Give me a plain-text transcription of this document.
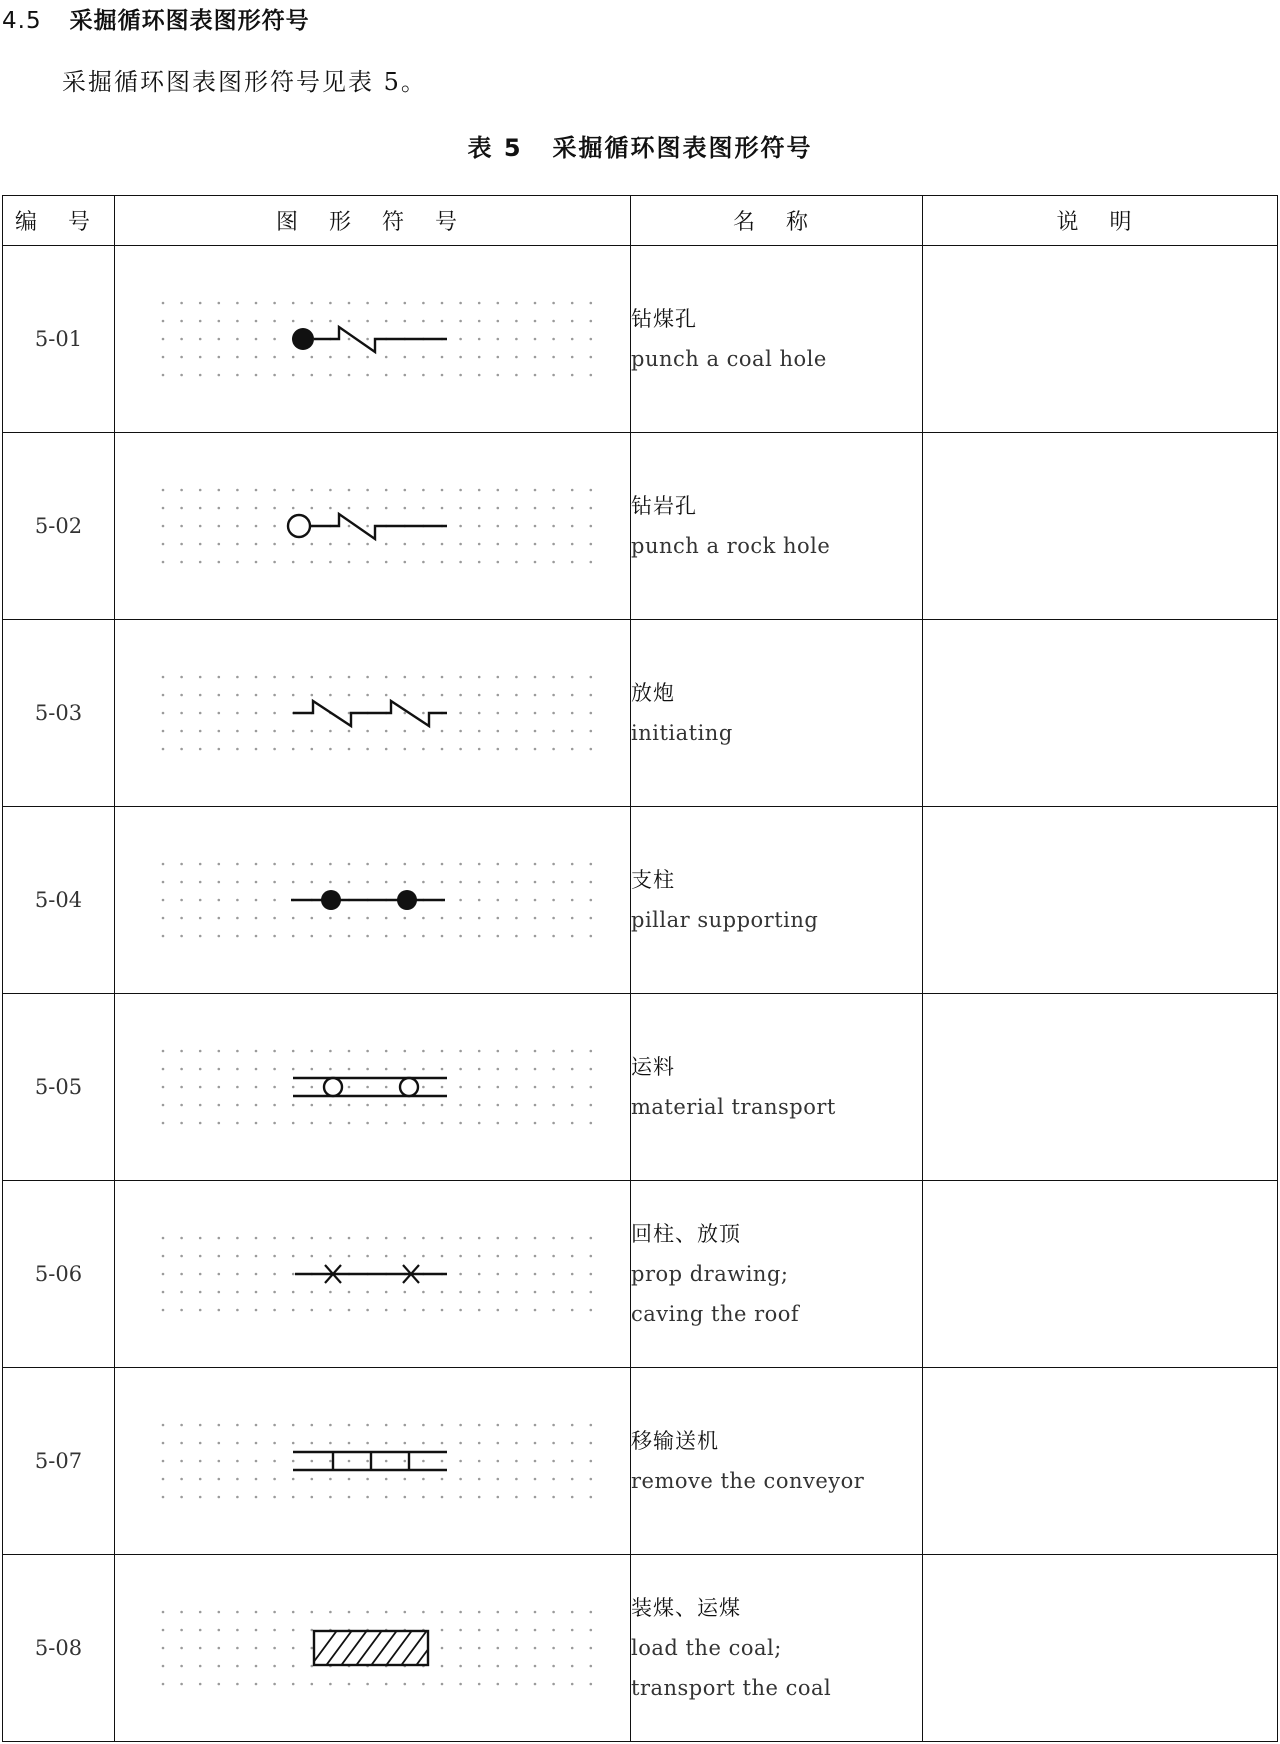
4.5 采掘循环图表图形符号
采掘循环图表图形符号见表 5。
表 5 采掘循环图表图形符号
编 号	图 形 符 号	名 称	说 明
5-01		钻煤孔
punch a coal hole	

5-02		钻岩孔
punch a rock hole	

5-03		放炮
initiating	

5-04		支柱
pillar supporting	

5-05		运料
material transport	

5-06		回柱、放顶
prop drawing;
caving the roof	

5-07		移输送机
remove the conveyor	

5-08		装煤、运煤
load the coal;
transport the coal	
